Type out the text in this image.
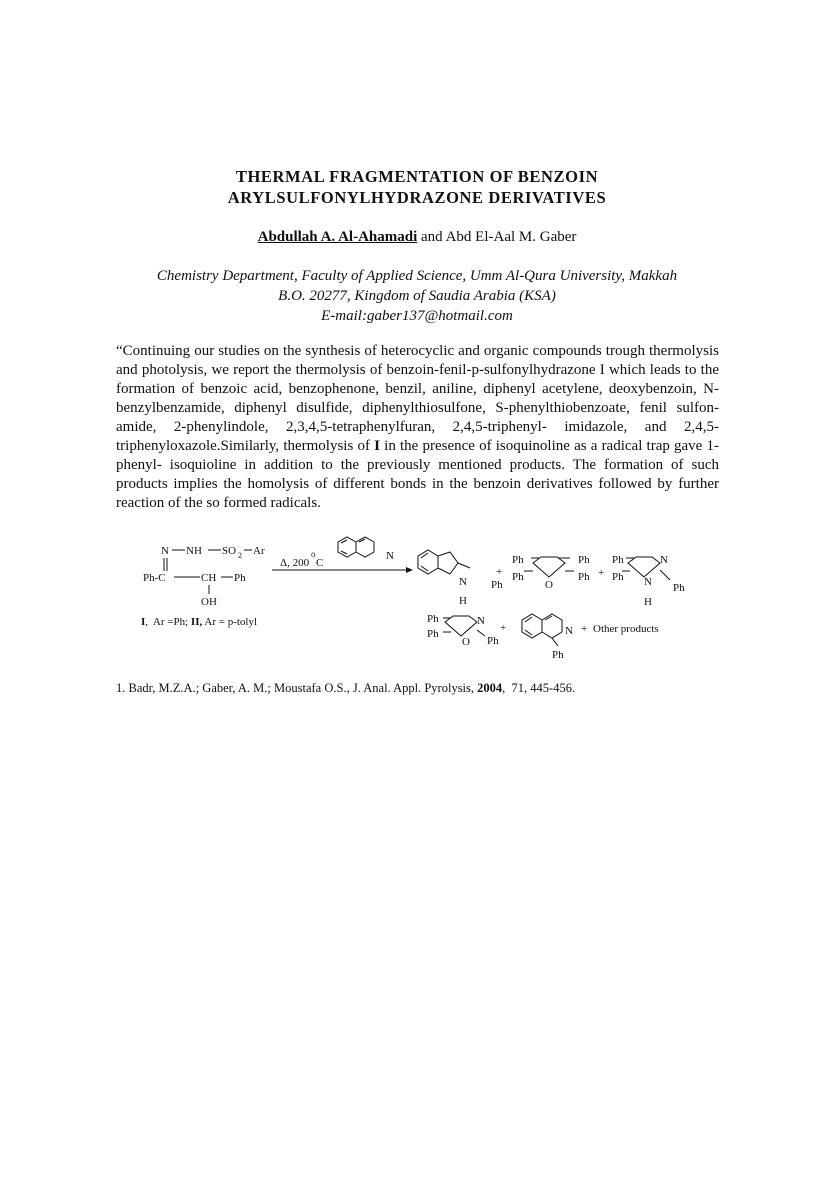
THERMAL FRAGMENTATION OF BENZOIN
ARYLSULFONYLHYDRAZONE DERIVATIVES
Abdullah A. Al-Ahamadi and Abd El-Aal M. Gaber
Chemistry Department, Faculty of Applied Science, Umm Al-Qura University, Makkah
B.O. 20277, Kingdom of Saudia Arabia (KSA)
E-mail:gaber137@hotmail.com
“Continuing our studies on the synthesis of heterocyclic and organic compounds trough thermolysis and photolysis, we report the thermolysis of benzoin-fenil-p-sulfonylhydrazone I which leads to the formation of benzoic acid, benzophenone, benzil, aniline, diphenyl acetylene, deoxybenzoin, N-benzylbenzamide, diphenyl disulfide, diphenylthiosulfone, S-phenylthiobenzoate, fenil sulfon- amide, 2-phenylindole, 2,3,4,5-tetraphenylfuran, 2,4,5-triphenyl- imidazole, and 2,4,5-triphenyloxazole.Similarly, thermolysis of I in the presence of isoquinoline as a radical trap gave 1-phenyl- isoquioline in addition to the previously mentioned products. The formation of such products implies the homolysis of different bonds in the benzoin derivatives followed by further reaction of the so formed radicals.
N NH SO 2 Ar
Ph-C	CH Ph
OH
Δ, 200
o
C
N
I,  Ar =Ph; II, Ar = p-tolyl
N
H
Ph
+
Ph	Ph
Ph	Ph
O
+
Ph
Ph
N
N
H
Ph
Ph
Ph
N
O Ph
+	N
Ph
+ Other products
1. Badr, M.Z.A.; Gaber, A. M.; Moustafa O.S., J. Anal. Appl. Pyrolysis, 2004,  71, 445-456.
